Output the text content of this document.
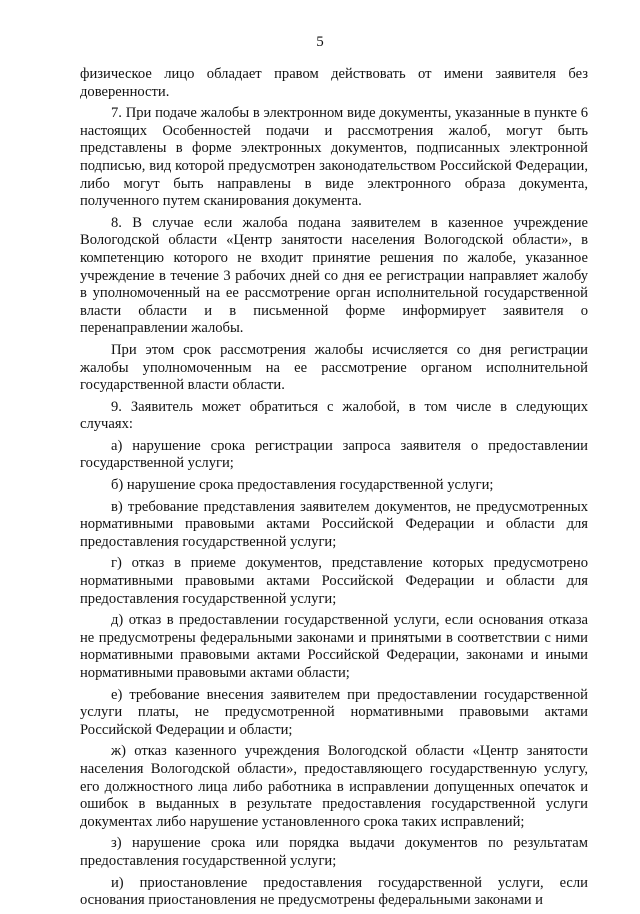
5

физическое лицо обладает правом действовать от имени заявителя без доверенности.

7. При подаче жалобы в электронном виде документы, указанные в пункте 6 настоящих Особенностей подачи и рассмотрения жалоб, могут быть представлены в форме электронных документов, подписанных электронной подписью, вид которой предусмотрен законодательством Российской Федерации, либо могут быть направлены в виде электронного образа документа, полученного путем сканирования документа.

8. В случае если жалоба подана заявителем в казенное учреждение Вологодской области «Центр занятости населения Вологодской области», в компетенцию которого не входит принятие решения по жалобе, указанное учреждение в течение 3 рабочих дней со дня ее регистрации направляет жалобу в уполномоченный на ее рассмотрение орган исполнительной государственной власти области и в письменной форме информирует заявителя о перенаправлении жалобы.

При этом срок рассмотрения жалобы исчисляется со дня регистрации жалобы уполномоченным на ее рассмотрение органом исполнительной государственной власти области.

9. Заявитель может обратиться с жалобой, в том числе в следующих случаях:

а) нарушение срока регистрации запроса заявителя о предоставлении государственной услуги;

б) нарушение срока предоставления государственной услуги;

в) требование представления заявителем документов, не предусмотренных нормативными правовыми актами Российской Федерации и области для предоставления государственной услуги;

г) отказ в приеме документов, представление которых предусмотрено нормативными правовыми актами Российской Федерации и области для предоставления государственной услуги;

д) отказ в предоставлении государственной услуги, если основания отказа не предусмотрены федеральными законами и принятыми в соответствии с ними нормативными правовыми актами Российской Федерации, законами и иными нормативными правовыми актами области;

е) требование внесения заявителем при предоставлении государственной услуги платы, не предусмотренной нормативными правовыми актами Российской Федерации и области;

ж) отказ казенного учреждения Вологодской области «Центр занятости населения Вологодской области», предоставляющего государственную услугу, его должностного лица либо работника в исправлении допущенных опечаток и ошибок в выданных в результате предоставления государственной услуги документах либо нарушение установленного срока таких исправлений;

з) нарушение срока или порядка выдачи документов по результатам предоставления государственной услуги;

и) приостановление предоставления государственной услуги, если основания приостановления не предусмотрены федеральными законами и
